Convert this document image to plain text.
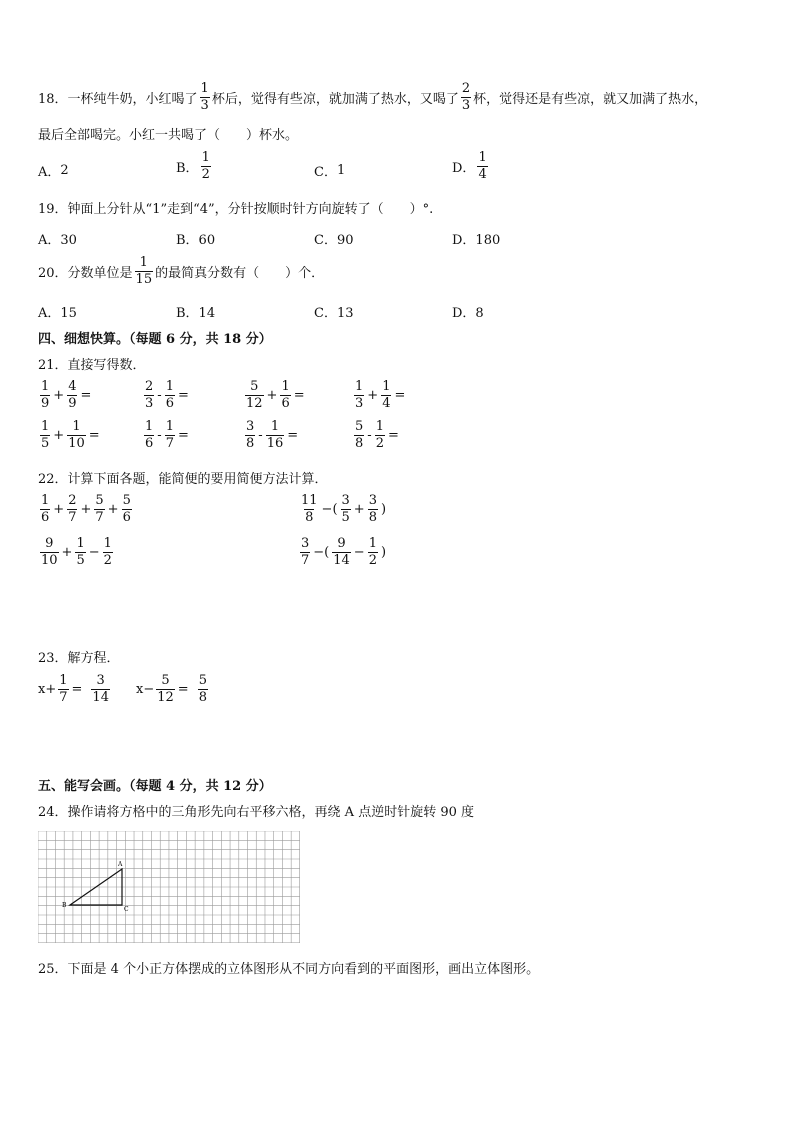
18．一杯纯牛奶，小红喝了 $\frac{1}{3}$ 杯后，觉得有些凉，就加满了热水，又喝了 $\frac{2}{3}$ 杯，觉得还是有些凉，就又加满了热水，
最后全部喝完。小红一共喝了（　　）杯水。
A． 2	B． $\frac{1}{2}$	C． 1	D． $\frac{1}{4}$
19．钟面上分针从“1”走到“4”，分针按顺时针方向旋转了（　　）°.
A．30	B．60	C．90	D．180
20．分数单位是 $\frac{1}{15}$ 的最简真分数有（　　）个．
A．15	B．14	C．13	D．8
四、细想快算。（每题 6 分，共 18 分）
21．直接写得数．
$\frac{1}{9} + \frac{4}{9}$ =	$\frac{2}{3} - \frac{1}{6}$ =	$\frac{5}{12} + \frac{1}{6}$ =	$\frac{1}{3} + \frac{1}{4}$ =
$\frac{1}{5} + \frac{1}{10}$ =	$\frac{1}{6} - \frac{1}{7}$ =	$\frac{3}{8} - \frac{1}{16}$ =	$\frac{5}{8} - \frac{1}{2}$ =
22．计算下面各题，能简便的要用简便方法计算．
$\frac{1}{6} + \frac{2}{7} + \frac{5}{7} + \frac{5}{6}$	$\frac{11}{8}$ −( $\frac{3}{5} + \frac{3}{8}$ )
$\frac{9}{10} + \frac{1}{5} - \frac{1}{2}$	$\frac{3}{7}$ −( $\frac{9}{14} - \frac{1}{2}$ )
23．解方程．
$x+ \frac{1}{7} = \frac{3}{14} x- \frac{5}{12} = \frac{5}{8}$
五、能写会画。（每题 4 分，共 12 分）
24．操作请将方格中的三角形先向右平移六格，再绕 A 点逆时针旋转 90 度
A
B
C
25．下面是 4 个小正方体摆成的立体图形从不同方向看到的平面图形，画出立体图形。
